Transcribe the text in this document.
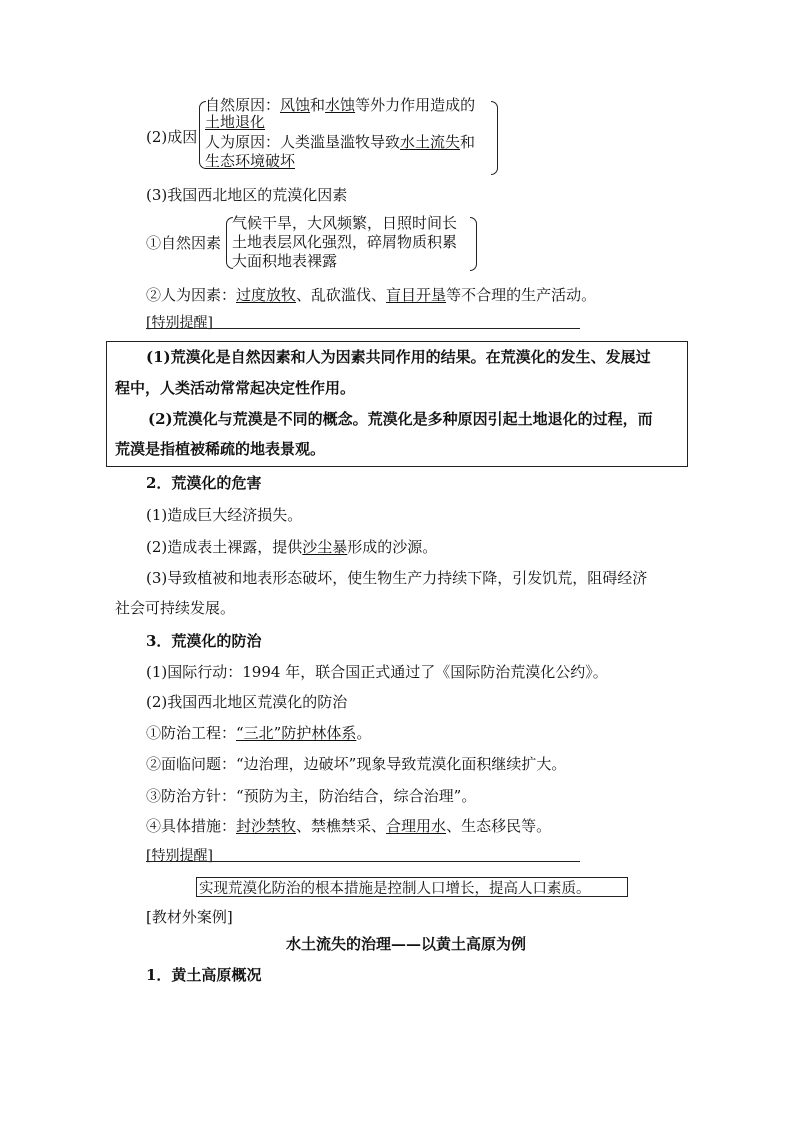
(2)成因
自然原因：风蚀和水蚀等外力作用造成的
土地退化
人为原因：人类滥垦滥牧导致水土流失和
生态环境破坏
(3)我国西北地区的荒漠化因素
①自然因素
气候干旱，大风频繁，日照时间长
土地表层风化强烈，碎屑物质积累
大面积地表裸露
②人为因素：过度放牧、乱砍滥伐、盲目开垦等不合理的生产活动。
[特别提醒]
(1)荒漠化是自然因素和人为因素共同作用的结果。在荒漠化的发生、发展过
程中，人类活动常常起决定性作用。
(2)荒漠化与荒漠是不同的概念。荒漠化是多种原因引起土地退化的过程，而
荒漠是指植被稀疏的地表景观。
2．荒漠化的危害
(1)造成巨大经济损失。
(2)造成表土裸露，提供沙尘暴形成的沙源。
(3)导致植被和地表形态破坏，使生物生产力持续下降，引发饥荒，阻碍经济
社会可持续发展。
3．荒漠化的防治
(1)国际行动：1994 年，联合国正式通过了《国际防治荒漠化公约》。
(2)我国西北地区荒漠化的防治
①防治工程：“三北”防护林体系。
②面临问题：“边治理，边破坏”现象导致荒漠化面积继续扩大。
③防治方针：“预防为主，防治结合，综合治理”。
④具体措施：封沙禁牧、禁樵禁采、合理用水、生态移民等。
[特别提醒]
实现荒漠化防治的根本措施是控制人口增长，提高人口素质。
[教材外案例]
水土流失的治理——以黄土高原为例
1．黄土高原概况
